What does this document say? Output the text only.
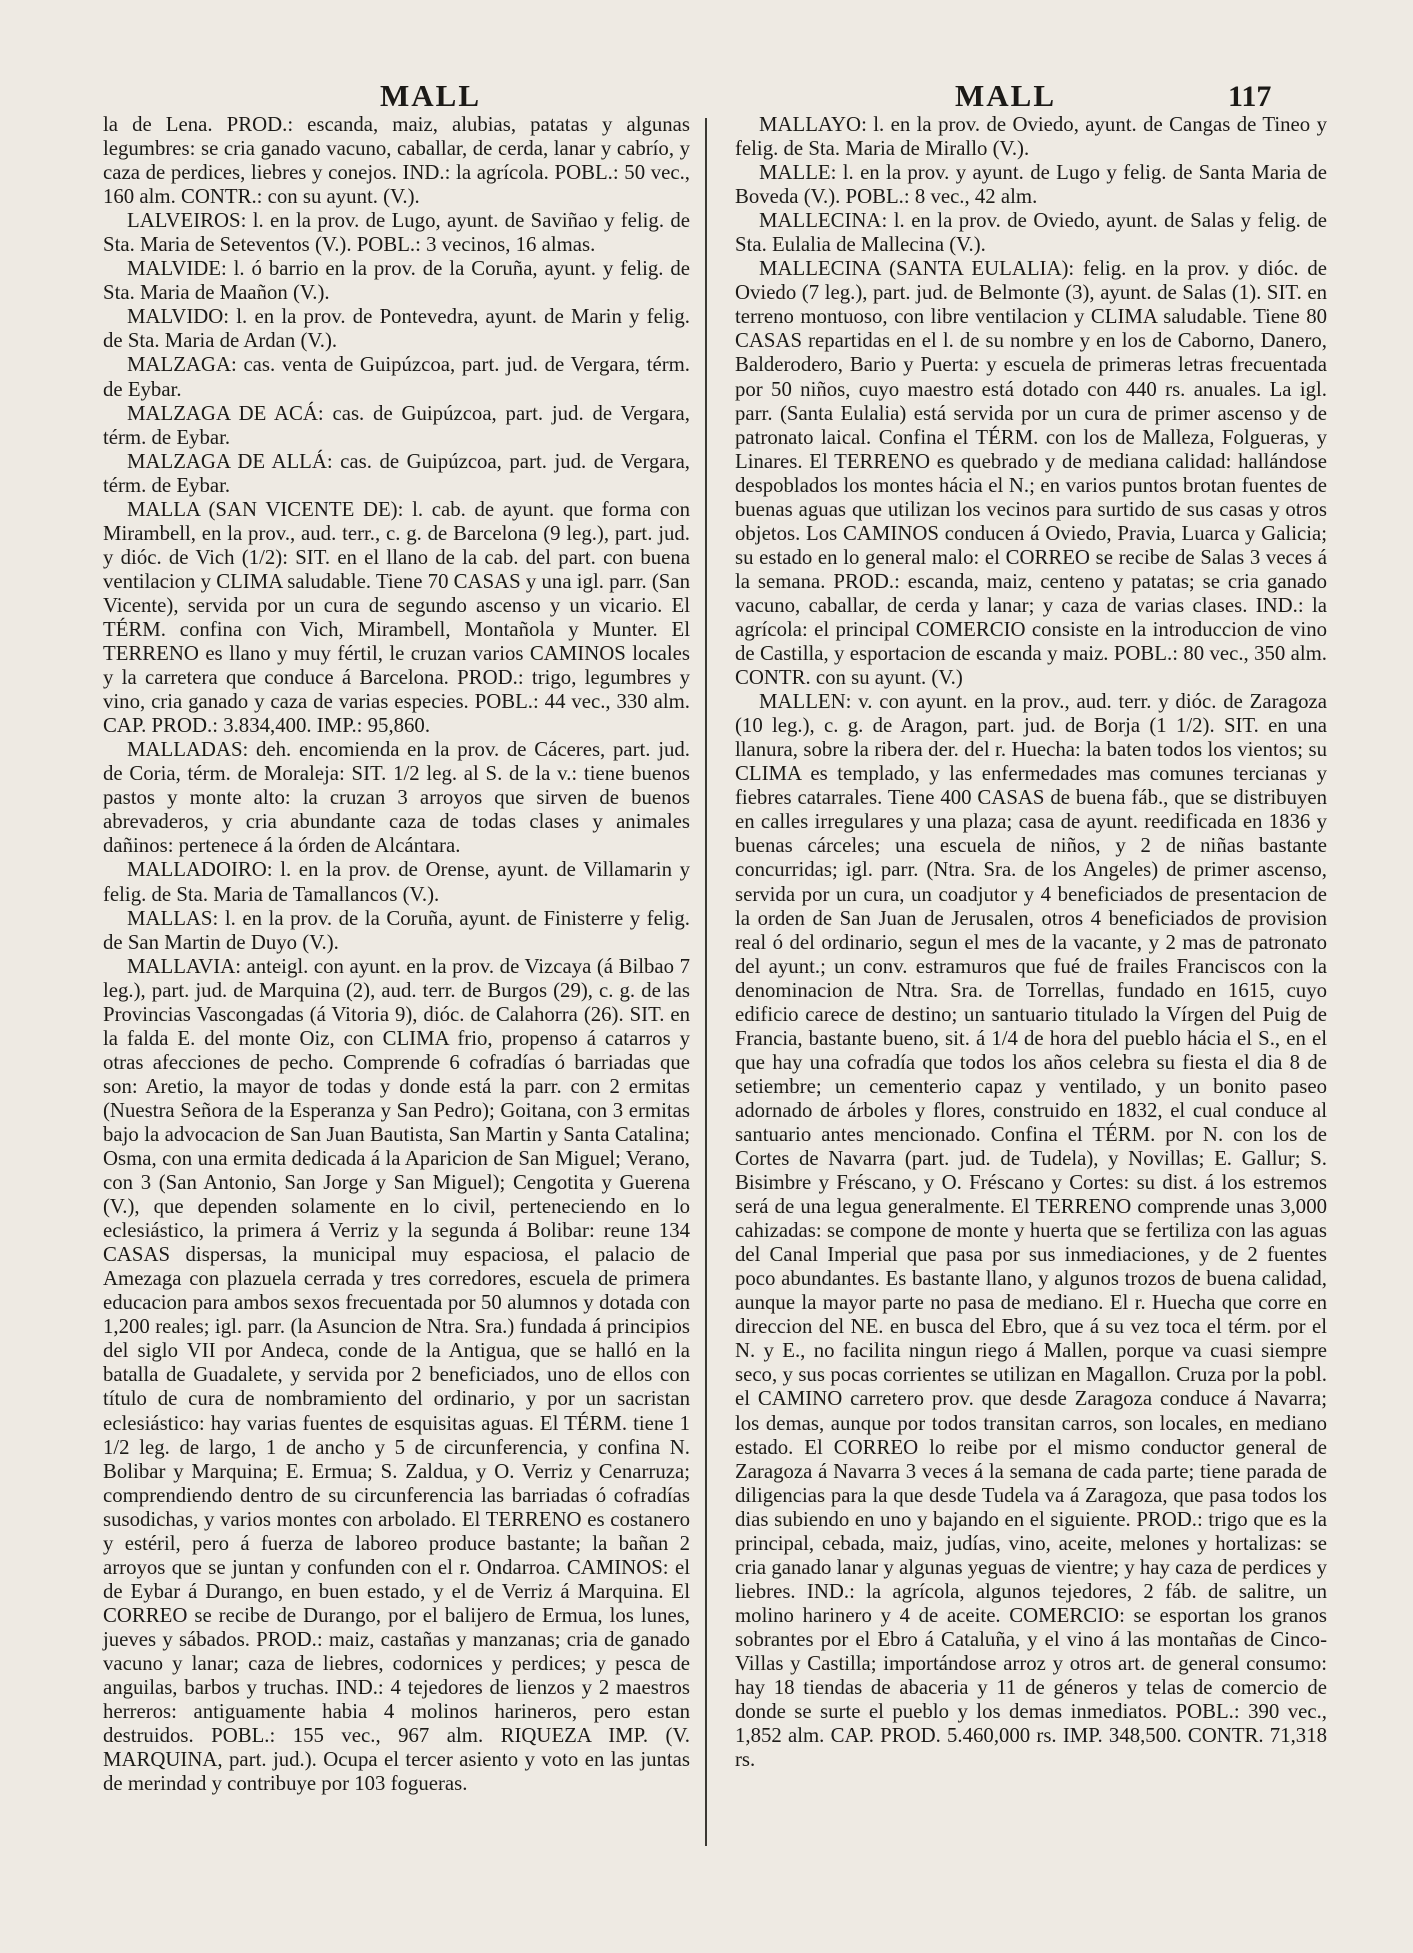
MALL	MALL	117

la de Lena. PROD.: escanda, maiz, alubias, patatas y algunas legumbres: se cria ganado vacuno, caballar, de cerda, lanar y cabrío, y caza de perdices, liebres y conejos. IND.: la agrícola. POBL.: 50 vec., 160 alm. CONTR.: con su ayunt. (V.).

LALVEIROS: l. en la prov. de Lugo, ayunt. de Saviñao y felig. de Sta. Maria de Seteventos (V.). POBL.: 3 vecinos, 16 almas.

MALVIDE: l. ó barrio en la prov. de la Coruña, ayunt. y felig. de Sta. Maria de Maañon (V.).

MALVIDO: l. en la prov. de Pontevedra, ayunt. de Marin y felig. de Sta. Maria de Ardan (V.).

MALZAGA: cas. venta de Guipúzcoa, part. jud. de Vergara, térm. de Eybar.

MALZAGA DE ACÁ: cas. de Guipúzcoa, part. jud. de Vergara, térm. de Eybar.

MALZAGA DE ALLÁ: cas. de Guipúzcoa, part. jud. de Vergara, térm. de Eybar.

MALLA (SAN VICENTE DE): l. cab. de ayunt. que forma con Mirambell, en la prov., aud. terr., c. g. de Barcelona (9 leg.), part. jud. y dióc. de Vich (1/2): SIT. en el llano de la cab. del part. con buena ventilacion y CLIMA saludable. Tiene 70 CASAS y una igl. parr. (San Vicente), servida por un cura de segundo ascenso y un vicario. El TÉRM. confina con Vich, Mirambell, Montañola y Munter. El TERRENO es llano y muy fértil, le cruzan varios CAMINOS locales y la carretera que conduce á Barcelona. PROD.: trigo, legumbres y vino, cria ganado y caza de varias especies. POBL.: 44 vec., 330 alm. CAP. PROD.: 3.834,400. IMP.: 95,860.

MALLADAS: deh. encomienda en la prov. de Cáceres, part. jud. de Coria, térm. de Moraleja: SIT. 1/2 leg. al S. de la v.: tiene buenos pastos y monte alto: la cruzan 3 arroyos que sirven de buenos abrevaderos, y cria abundante caza de todas clases y animales dañinos: pertenece á la órden de Alcántara.

MALLADOIRO: l. en la prov. de Orense, ayunt. de Villamarin y felig. de Sta. Maria de Tamallancos (V.).

MALLAS: l. en la prov. de la Coruña, ayunt. de Finisterre y felig. de San Martin de Duyo (V.).

MALLAVIA: anteigl. con ayunt. en la prov. de Vizcaya (á Bilbao 7 leg.), part. jud. de Marquina (2), aud. terr. de Burgos (29), c. g. de las Provincias Vascongadas (á Vitoria 9), dióc. de Calahorra (26). SIT. en la falda E. del monte Oiz, con CLIMA frio, propenso á catarros y otras afecciones de pecho. Comprende 6 cofradías ó barriadas que son: Aretio, la mayor de todas y donde está la parr. con 2 ermitas (Nuestra Señora de la Esperanza y San Pedro); Goitana, con 3 ermitas bajo la advocacion de San Juan Bautista, San Martin y Santa Catalina; Osma, con una ermita dedicada á la Aparicion de San Miguel; Verano, con 3 (San Antonio, San Jorge y San Miguel); Cengotita y Guerena (V.), que dependen solamente en lo civil, perteneciendo en lo eclesiástico, la primera á Verriz y la segunda á Bolibar: reune 134 CASAS dispersas, la municipal muy espaciosa, el palacio de Amezaga con plazuela cerrada y tres corredores, escuela de primera educacion para ambos sexos frecuentada por 50 alumnos y dotada con 1,200 reales; igl. parr. (la Asuncion de Ntra. Sra.) fundada á principios del siglo VII por Andeca, conde de la Antigua, que se halló en la batalla de Guadalete, y servida por 2 beneficiados, uno de ellos con título de cura de nombramiento del ordinario, y por un sacristan eclesiástico: hay varias fuentes de esquisitas aguas. El TÉRM. tiene 1 1/2 leg. de largo, 1 de ancho y 5 de circunferencia, y confina N. Bolibar y Marquina; E. Ermua; S. Zaldua, y O. Verriz y Cenarruza; comprendiendo dentro de su circunferencia las barriadas ó cofradías susodichas, y varios montes con arbolado. El TERRENO es costanero y estéril, pero á fuerza de laboreo produce bastante; la bañan 2 arroyos que se juntan y confunden con el r. Ondarroa. CAMINOS: el de Eybar á Durango, en buen estado, y el de Verriz á Marquina. El CORREO se recibe de Durango, por el balijero de Ermua, los lunes, jueves y sábados. PROD.: maiz, castañas y manzanas; cria de ganado vacuno y lanar; caza de liebres, codornices y perdices; y pesca de anguilas, barbos y truchas. IND.: 4 tejedores de lienzos y 2 maestros herreros: antiguamente habia 4 molinos harineros, pero estan destruidos. POBL.: 155 vec., 967 alm. RIQUEZA IMP. (V. MARQUINA, part. jud.). Ocupa el tercer asiento y voto en las juntas de merindad y contribuye por 103 fogueras.

MALLAYO: l. en la prov. de Oviedo, ayunt. de Cangas de Tineo y felig. de Sta. Maria de Mirallo (V.).

MALLE: l. en la prov. y ayunt. de Lugo y felig. de Santa Maria de Boveda (V.). POBL.: 8 vec., 42 alm.

MALLECINA: l. en la prov. de Oviedo, ayunt. de Salas y felig. de Sta. Eulalia de Mallecina (V.).

MALLECINA (SANTA EULALIA): felig. en la prov. y dióc. de Oviedo (7 leg.), part. jud. de Belmonte (3), ayunt. de Salas (1). SIT. en terreno montuoso, con libre ventilacion y CLIMA saludable. Tiene 80 CASAS repartidas en el l. de su nombre y en los de Caborno, Danero, Balderodero, Bario y Puerta: y escuela de primeras letras frecuentada por 50 niños, cuyo maestro está dotado con 440 rs. anuales. La igl. parr. (Santa Eulalia) está servida por un cura de primer ascenso y de patronato laical. Confina el TÉRM. con los de Malleza, Folgueras, y Linares. El TERRENO es quebrado y de mediana calidad: hallándose despoblados los montes hácia el N.; en varios puntos brotan fuentes de buenas aguas que utilizan los vecinos para surtido de sus casas y otros objetos. Los CAMINOS conducen á Oviedo, Pravia, Luarca y Galicia; su estado en lo general malo: el CORREO se recibe de Salas 3 veces á la semana. PROD.: escanda, maiz, centeno y patatas; se cria ganado vacuno, caballar, de cerda y lanar; y caza de varias clases. IND.: la agrícola: el principal COMERCIO consiste en la introduccion de vino de Castilla, y esportacion de escanda y maiz. POBL.: 80 vec., 350 alm. CONTR. con su ayunt. (V.)

MALLEN: v. con ayunt. en la prov., aud. terr. y dióc. de Zaragoza (10 leg.), c. g. de Aragon, part. jud. de Borja (1 1/2). SIT. en una llanura, sobre la ribera der. del r. Huecha: la baten todos los vientos; su CLIMA es templado, y las enfermedades mas comunes tercianas y fiebres catarrales. Tiene 400 CASAS de buena fáb., que se distribuyen en calles irregulares y una plaza; casa de ayunt. reedificada en 1836 y buenas cárceles; una escuela de niños, y 2 de niñas bastante concurridas; igl. parr. (Ntra. Sra. de los Angeles) de primer ascenso, servida por un cura, un coadjutor y 4 beneficiados de presentacion de la orden de San Juan de Jerusalen, otros 4 beneficiados de provision real ó del ordinario, segun el mes de la vacante, y 2 mas de patronato del ayunt.; un conv. estramuros que fué de frailes Franciscos con la denominacion de Ntra. Sra. de Torrellas, fundado en 1615, cuyo edificio carece de destino; un santuario titulado la Vírgen del Puig de Francia, bastante bueno, sit. á 1/4 de hora del pueblo hácia el S., en el que hay una cofradía que todos los años celebra su fiesta el dia 8 de setiembre; un cementerio capaz y ventilado, y un bonito paseo adornado de árboles y flores, construido en 1832, el cual conduce al santuario antes mencionado. Confina el TÉRM. por N. con los de Cortes de Navarra (part. jud. de Tudela), y Novillas; E. Gallur; S. Bisimbre y Fréscano, y O. Fréscano y Cortes: su dist. á los estremos será de una legua generalmente. El TERRENO comprende unas 3,000 cahizadas: se compone de monte y huerta que se fertiliza con las aguas del Canal Imperial que pasa por sus inmediaciones, y de 2 fuentes poco abundantes. Es bastante llano, y algunos trozos de buena calidad, aunque la mayor parte no pasa de mediano. El r. Huecha que corre en direccion del NE. en busca del Ebro, que á su vez toca el térm. por el N. y E., no facilita ningun riego á Mallen, porque va cuasi siempre seco, y sus pocas corrientes se utilizan en Magallon. Cruza por la pobl. el CAMINO carretero prov. que desde Zaragoza conduce á Navarra; los demas, aunque por todos transitan carros, son locales, en mediano estado. El CORREO lo reibe por el mismo conductor general de Zaragoza á Navarra 3 veces á la semana de cada parte; tiene parada de diligencias para la que desde Tudela va á Zaragoza, que pasa todos los dias subiendo en uno y bajando en el siguiente. PROD.: trigo que es la principal, cebada, maiz, judías, vino, aceite, melones y hortalizas: se cria ganado lanar y algunas yeguas de vientre; y hay caza de perdices y liebres. IND.: la agrícola, algunos tejedores, 2 fáb. de salitre, un molino harinero y 4 de aceite. COMERCIO: se esportan los granos sobrantes por el Ebro á Cataluña, y el vino á las montañas de Cinco-Villas y Castilla; importándose arroz y otros art. de general consumo: hay 18 tiendas de abaceria y 11 de géneros y telas de comercio de donde se surte el pueblo y los demas inmediatos. POBL.: 390 vec., 1,852 alm. CAP. PROD. 5.460,000 rs. IMP. 348,500. CONTR. 71,318 rs.
